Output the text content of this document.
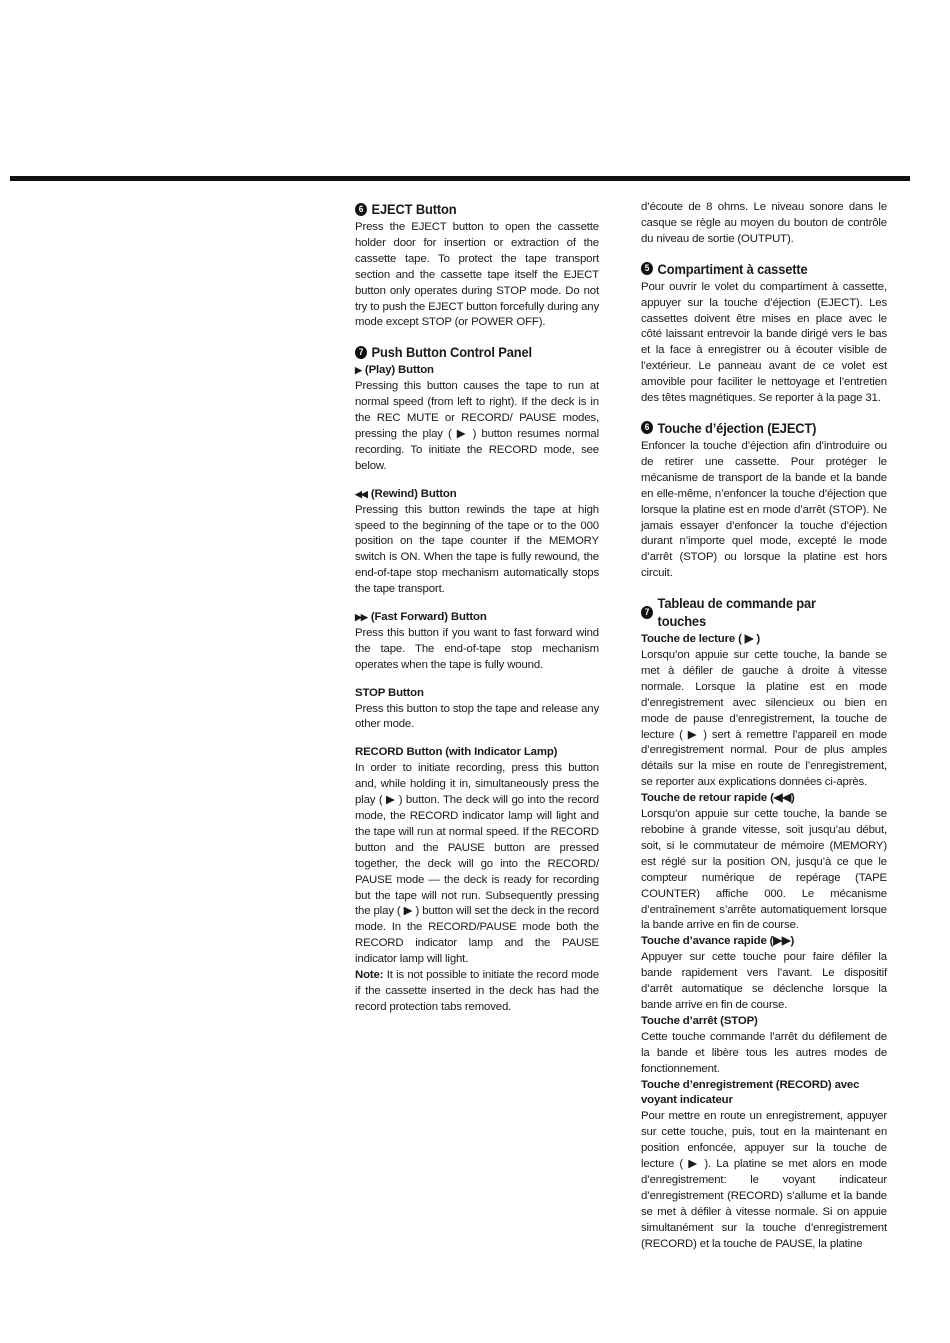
6 EJECT Button

Press the EJECT button to open the cassette holder door for insertion or extraction of the cassette tape. To protect the tape transport section and the cassette tape itself the EJECT button only operates during STOP mode. Do not try to push the EJECT button forcefully during any mode except STOP (or POWER OFF).

7 Push Button Control Panel
▶ (Play) Button

Pressing this button causes the tape to run at normal speed (from left to right). If the deck is in the REC MUTE or RECORD/ PAUSE modes, pressing the play ( ▶ ) button resumes normal recording. To initiate the RECORD mode, see below.

◀◀ (Rewind) Button

Pressing this button rewinds the tape at high speed to the beginning of the tape or to the 000 position on the tape counter if the MEMORY switch is ON. When the tape is fully rewound, the end-of-tape stop mechanism automatically stops the tape transport.

▶▶ (Fast Forward) Button

Press this button if you want to fast forward wind the tape. The end-of-tape stop mechanism operates when the tape is fully wound.

STOP Button

Press this button to stop the tape and release any other mode.

RECORD Button (with Indicator Lamp)

In order to initiate recording, press this button and, while holding it in, simultaneously press the play ( ▶ ) button. The deck will go into the record mode, the RECORD indicator lamp will light and the tape will run at normal speed. If the RECORD button and the PAUSE button are pressed together, the deck will go into the RECORD/ PAUSE mode — the deck is ready for recording but the tape will not run. Subsequently pressing the play ( ▶ ) button will set the deck in the record mode. In the RECORD/PAUSE mode both the RECORD indicator lamp and the PAUSE indicator lamp will light.

Note: It is not possible to initiate the record mode if the cassette inserted in the deck has had the record protection tabs removed.

d’écoute de 8 ohms. Le niveau sonore dans le casque se règle au moyen du bouton de contrôle du niveau de sortie (OUTPUT).

5 Compartiment à cassette

Pour ouvrir le volet du compartiment à cassette, appuyer sur la touche d’éjection (EJECT). Les cassettes doivent être mises en place avec le côté laissant entrevoir la bande dirigé vers le bas et la face à enregistrer ou à écouter visible de l’extérieur. Le panneau avant de ce volet est amovible pour faciliter le nettoyage et l’entretien des têtes magnétiques. Se reporter à la page 31.

6 Touche d’éjection (EJECT)

Enfoncer la touche d’éjection afin d’introduire ou de retirer une cassette. Pour protéger le mécanisme de transport de la bande et la bande en elle-même, n’enfoncer la touche d’éjection que lorsque la platine est en mode d’arrêt (STOP). Ne jamais essayer d’enfoncer la touche d’éjection durant n’importe quel mode, excepté le mode d’arrêt (STOP) ou lorsque la platine est hors circuit.

7
Tableau de commande par touches
Touche de lecture ( ▶ )

Lorsqu’on appuie sur cette touche, la bande se met à défiler de gauche à droite à vitesse normale. Lorsque la platine est en mode d’enregistrement avec silencieux ou bien en mode de pause d’enregistrement, la touche de lecture ( ▶ ) sert à remettre l’appareil en mode d’enregistrement normal. Pour de plus amples détails sur la mise en route de l’enregistrement, se reporter aux explications données ci-après.

Touche de retour rapide (◀◀)

Lorsqu’on appuie sur cette touche, la bande se rebobine à grande vitesse, soit jusqu’au début, soit, si le commutateur de mémoire (MEMORY) est réglé sur la position ON, jusqu’à ce que le compteur numérique de repérage (TAPE COUNTER) affiche 000. Le mécanisme d’entraînement s’arrête automatiquement lorsque la bande arrive en fin de course.

Touche d’avance rapide (▶▶)

Appuyer sur cette touche pour faire défiler la bande rapidement vers l’avant. Le dispositif d’arrêt automatique se déclenche lorsque la bande arrive en fin de course.

Touche d’arrêt (STOP)

Cette touche commande l’arrêt du défilement de la bande et libère tous les autres modes de fonctionnement.

Touche d’enregistrement (RECORD) avec voyant indicateur

Pour mettre en route un enregistrement, appuyer sur cette touche, puis, tout en la maintenant en position enfoncée, appuyer sur la touche de lecture ( ▶ ). La platine se met alors en mode d’enregistrement: le voyant indicateur d’enregistrement (RECORD) s’allume et la bande se met à défiler à vitesse normale. Si on appuie simultanément sur la touche d’enregistrement (RECORD) et la touche de PAUSE, la platine
